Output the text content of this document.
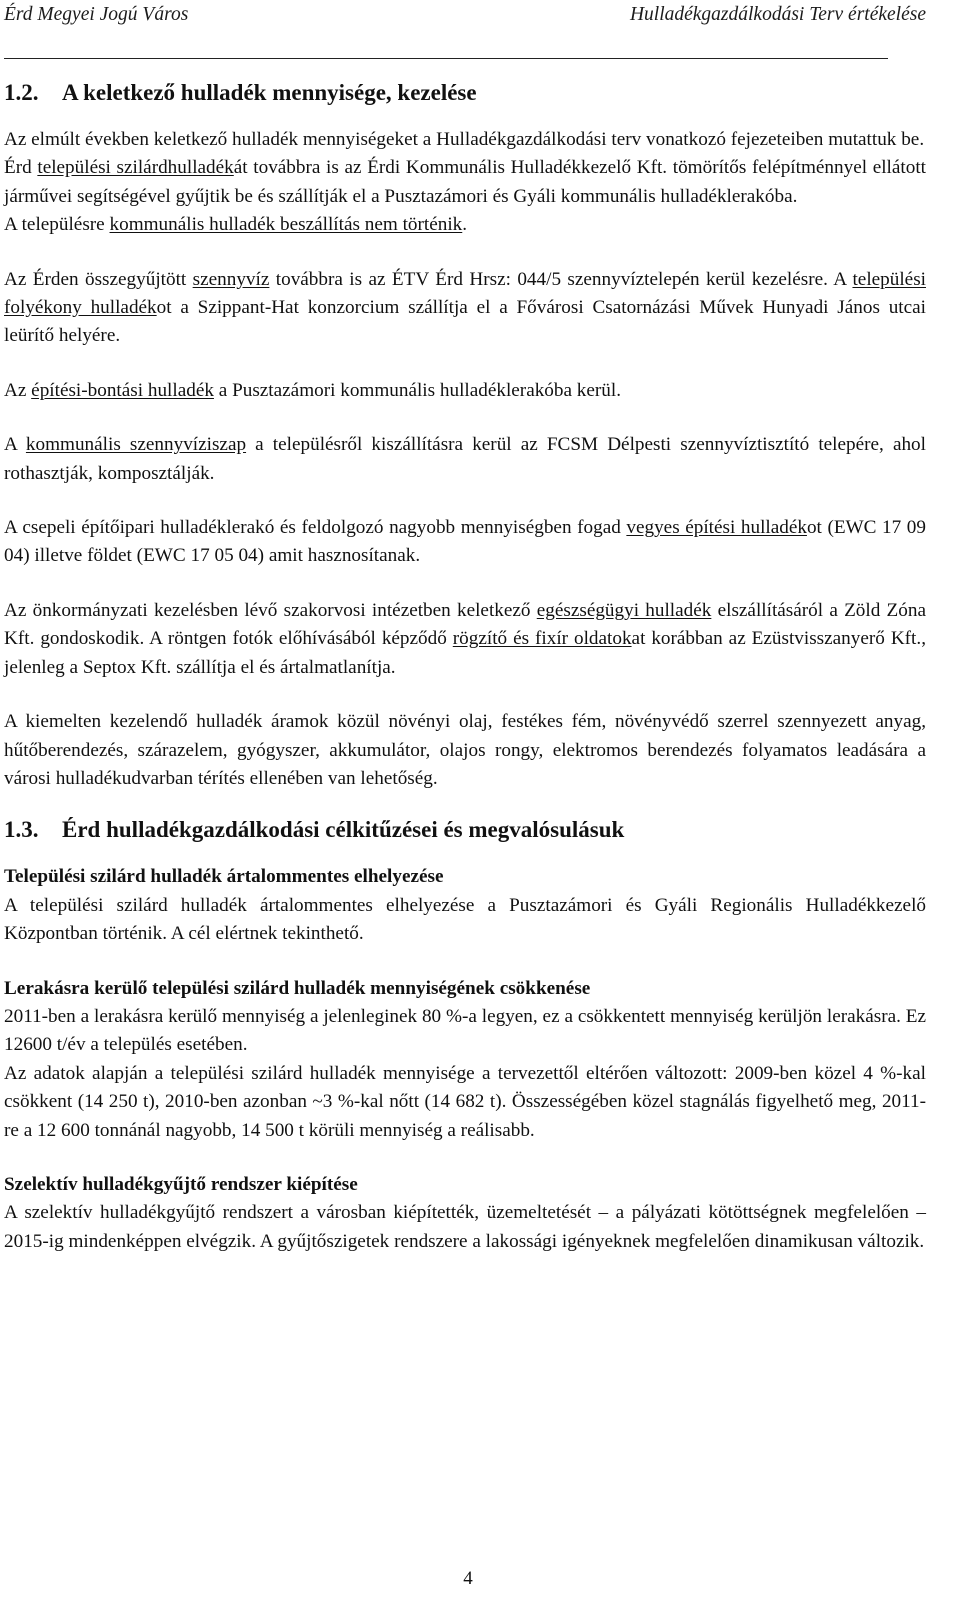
Érd Megyei Jogú Város	Hulladékgazdálkodási Terv értékelése
1.2.	A keletkező hulladék mennyisége, kezelése

Az elmúlt években keletkező hulladék mennyiségeket a Hulladékgazdálkodási terv vonatkozó fejezeteiben mutattuk be.

Érd települési szilárdhulladékát továbbra is az Érdi Kommunális Hulladékkezelő Kft. tömörítős felépítménnyel ellátott járművei segítségével gyűjtik be és szállítják el a Pusztazámori és Gyáli kommunális hulladéklerakóba.

A településre kommunális hulladék beszállítás nem történik.

Az Érden összegyűjtött szennyvíz továbbra is az ÉTV Érd Hrsz: 044/5 szennyvíztelepén kerül kezelésre. A települési folyékony hulladékot a Szippant-Hat konzorcium szállítja el a Fővárosi Csatornázási Művek Hunyadi János utcai leürítő helyére.

Az építési-bontási hulladék a Pusztazámori kommunális hulladéklerakóba kerül.

A kommunális szennyvíziszap a településről kiszállításra kerül az FCSM Délpesti szennyvíztisztító telepére, ahol rothasztják, komposztálják.

A csepeli építőipari hulladéklerakó és feldolgozó nagyobb mennyiségben fogad vegyes építési hulladékot (EWC 17 09 04) illetve földet (EWC 17 05 04) amit hasznosítanak.

Az önkormányzati kezelésben lévő szakorvosi intézetben keletkező egészségügyi hulladék elszállításáról a Zöld Zóna Kft. gondoskodik. A röntgen fotók előhívásából képződő rögzítő és fixír oldatokat korábban az Ezüstvisszanyerő Kft., jelenleg a Septox Kft. szállítja el és ártalmatlanítja.

A kiemelten kezelendő hulladék áramok közül növényi olaj, festékes fém, növényvédő szerrel szennyezett anyag, hűtőberendezés, szárazelem, gyógyszer, akkumulátor, olajos rongy, elektromos berendezés folyamatos leadására a városi hulladékudvarban térítés ellenében van lehetőség.

1.3.	Érd hulladékgazdálkodási célkitűzései és megvalósulásuk

Települési szilárd hulladék ártalommentes elhelyezése

A települési szilárd hulladék ártalommentes elhelyezése a Pusztazámori és Gyáli Regionális Hulladékkezelő Központban történik. A cél elértnek tekinthető.

Lerakásra kerülő települési szilárd hulladék mennyiségének csökkenése

2011-ben a lerakásra kerülő mennyiség a jelenleginek 80 %-a legyen, ez a csökkentett mennyiség kerüljön lerakásra. Ez 12600 t/év a település esetében.

Az adatok alapján a települési szilárd hulladék mennyisége a tervezettől eltérően változott: 2009-ben közel 4 %-kal csökkent (14 250 t), 2010-ben azonban ~3 %-kal nőtt (14 682 t). Összességében közel stagnálás figyelhető meg, 2011-re a 12 600 tonnánál nagyobb, 14 500 t körüli mennyiség a reálisabb.

Szelektív hulladékgyűjtő rendszer kiépítése

A szelektív hulladékgyűjtő rendszert a városban kiépítették, üzemeltetését – a pályázati kötöttségnek megfelelően – 2015-ig mindenképpen elvégzik. A gyűjtőszigetek rendszere a lakossági igényeknek megfelelően dinamikusan változik.

4
